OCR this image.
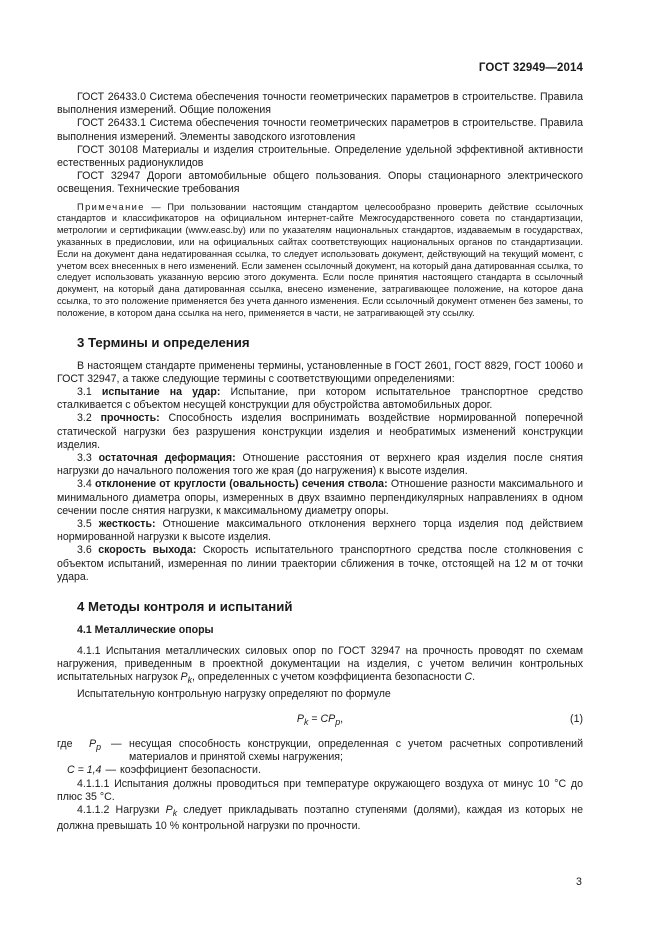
ГОСТ 32949—2014

ГОСТ 26433.0 Система обеспечения точности геометрических параметров в строительстве. Правила выполнения измерений. Общие положения

ГОСТ 26433.1 Система обеспечения точности геометрических параметров в строительстве. Правила выполнения измерений. Элементы заводского изготовления

ГОСТ 30108 Материалы и изделия строительные. Определение удельной эффективной активности естественных радионуклидов

ГОСТ 32947 Дороги автомобильные общего пользования. Опоры стационарного электрического освещения. Технические требования

Примечание — При пользовании настоящим стандартом целесообразно проверить действие ссылочных стандартов и классификаторов на официальном интернет-сайте Межгосударственного совета по стандартизации, метрологии и сертификации (www.easc.by) или по указателям национальных стандартов, издаваемым в государствах, указанных в предисловии, или на официальных сайтах соответствующих национальных органов по стандартизации. Если на документ дана недатированная ссылка, то следует использовать документ, действующий на текущий момент, с учетом всех внесенных в него изменений. Если заменен ссылочный документ, на который дана датированная ссылка, то следует использовать указанную версию этого документа. Если после принятия настоящего стандарта в ссылочный документ, на который дана датированная ссылка, внесено изменение, затрагивающее положение, на которое дана ссылка, то это положение применяется без учета данного изменения. Если ссылочный документ отменен без замены, то положение, в котором дана ссылка на него, применяется в части, не затрагивающей эту ссылку.
3 Термины и определения

В настоящем стандарте применены термины, установленные в ГОСТ 2601, ГОСТ 8829, ГОСТ 10060 и ГОСТ 32947, а также следующие термины с соответствующими определениями:

3.1 испытание на удар: Испытание, при котором испытательное транспортное средство сталкивается с объектом несущей конструкции для обустройства автомобильных дорог.

3.2 прочность: Способность изделия воспринимать воздействие нормированной поперечной статической нагрузки без разрушения конструкции изделия и необратимых изменений конструкции изделия.

3.3 остаточная деформация: Отношение расстояния от верхнего края изделия после снятия нагрузки до начального положения того же края (до нагружения) к высоте изделия.

3.4 отклонение от круглости (овальность) сечения ствола: Отношение разности максимального и минимального диаметра опоры, измеренных в двух взаимно перпендикулярных направлениях в одном сечении после снятия нагрузки, к максимальному диаметру опоры.

3.5 жесткость: Отношение максимального отклонения верхнего торца изделия под действием нормированной нагрузки к высоте изделия.

3.6 скорость выхода: Скорость испытательного транспортного средства после столкновения с объектом испытаний, измеренная по линии траектории сближения в точке, отстоящей на 12 м от точки удара.

4 Методы контроля и испытаний
4.1 Металлические опоры

4.1.1 Испытания металлических силовых опор по ГОСТ 32947 на прочность проводят по схемам нагружения, приведенным в проектной документации на изделия, с учетом величин контрольных испытательных нагрузок $P_k$, определенных с учетом коэффициента безопасности C.

Испытательную контрольную нагрузку определяют по формуле

$P_k = CP_p$,	(1)
где	$P_p$	—	несущая способность конструкции, определенная с учетом расчетных сопротивлений материалов и принятой схемы нагружения;

C = 1,4 — коэффициент безопасности.

4.1.1.1 Испытания должны проводиться при температуре окружающего воздуха от минус 10 °С до плюс 35 °С.

4.1.1.2 Нагрузки $P_k$ следует прикладывать поэтапно ступенями (долями), каждая из которых не должна превышать 10 % контрольной нагрузки по прочности.

3
